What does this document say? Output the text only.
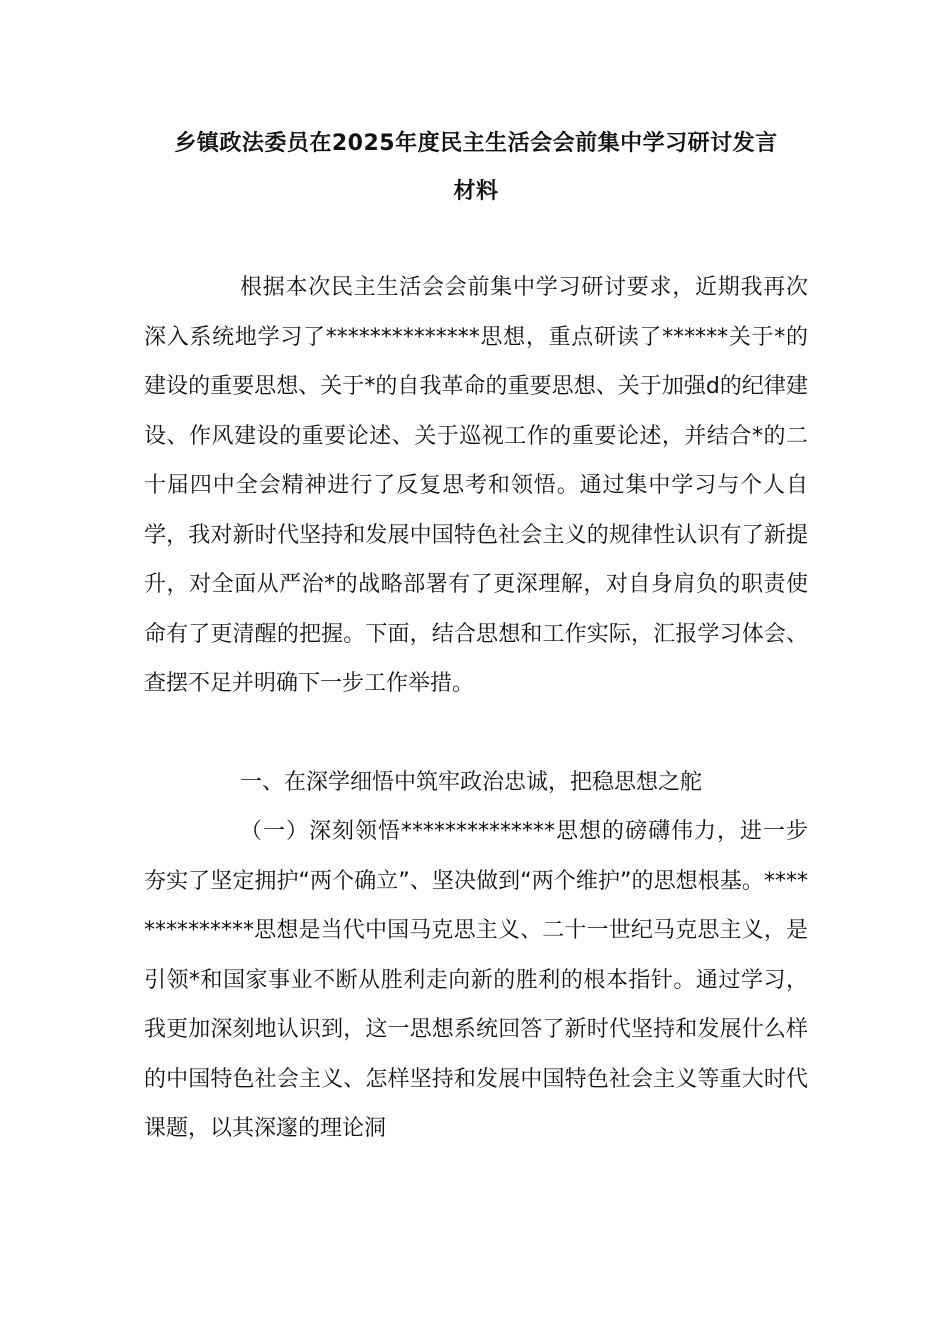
乡镇政法委员在2025年度民主生活会会前集中学习研讨发言
材料

根据本次民主生活会会前集中学习研讨要求，近期我再次深入系统地学习了**************思想，重点研读了******关于*的建设的重要思想、关于*的自我革命的重要思想、关于加强d的纪律建设、作风建设的重要论述、关于巡视工作的重要论述，并结合*的二十届四中全会精神进行了反复思考和领悟。通过集中学习与个人自学，我对新时代坚持和发展中国特色社会主义的规律性认识有了新提升，对全面从严治*的战略部署有了更深理解，对自身肩负的职责使命有了更清醒的把握。下面，结合思想和工作实际，汇报学习体会、查摆不足并明确下一步工作举措。

一、在深学细悟中筑牢政治忠诚，把稳思想之舵

（一）深刻领悟**************思想的磅礴伟力，进一步夯实了坚定拥护“两个确立”、坚决做到“两个维护”的思想根基。**************思想是当代中国马克思主义、二十一世纪马克思主义，是引领*和国家事业不断从胜利走向新的胜利的根本指针。通过学习，我更加深刻地认识到，这一思想系统回答了新时代坚持和发展什么样的中国特色社会主义、怎样坚持和发展中国特色社会主义等重大时代课题，以其深邃的理论洞
